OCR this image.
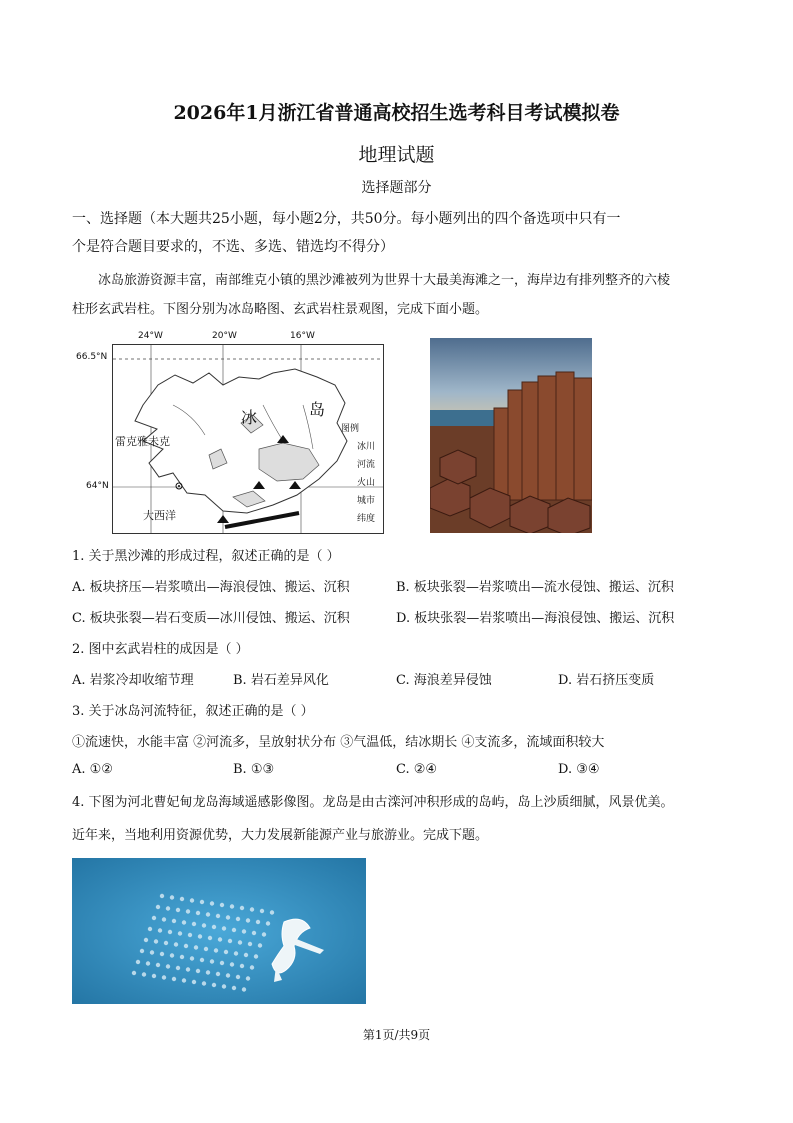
2026年1月浙江省普通高校招生选考科目考试模拟卷
地理试题
选择题部分
一、选择题（本大题共25小题，每小题2分，共50分。每小题列出的四个备选项中只有一
个是符合题目要求的，不选、多选、错选均不得分）
冰岛旅游资源丰富，南部维克小镇的黑沙滩被列为世界十大最美海滩之一，海岸边有排列整齐的六棱
柱形玄武岩柱。下图分别为冰岛略图、玄武岩柱景观图，完成下面小题。
冰	岛
雷克雅未克
大西洋
图例
冰川
河流
火山
城市
纬度
24°W	20°W	16°W
66.5°N
64°N
1. 关于黑沙滩的形成过程，叙述正确的是（ ）
A. 板块挤压—岩浆喷出—海浪侵蚀、搬运、沉积	B. 板块张裂—岩浆喷出—流水侵蚀、搬运、沉积
C. 板块张裂—岩石变质—冰川侵蚀、搬运、沉积	D. 板块张裂—岩浆喷出—海浪侵蚀、搬运、沉积
2. 图中玄武岩柱的成因是（ ）
A. 岩浆冷却收缩节理	B. 岩石差异风化	C. 海浪差异侵蚀	D. 岩石挤压变质
3. 关于冰岛河流特征，叙述正确的是（ ）
①流速快，水能丰富 ②河流多，呈放射状分布 ③气温低，结冰期长 ④支流多，流域面积较大
A. ①②	B. ①③	C. ②④	D. ③④
4. 下图为河北曹妃甸龙岛海域遥感影像图。龙岛是由古滦河冲积形成的岛屿，岛上沙质细腻，风景优美。
近年来，当地利用资源优势，大力发展新能源产业与旅游业。完成下题。
第1页/共9页
